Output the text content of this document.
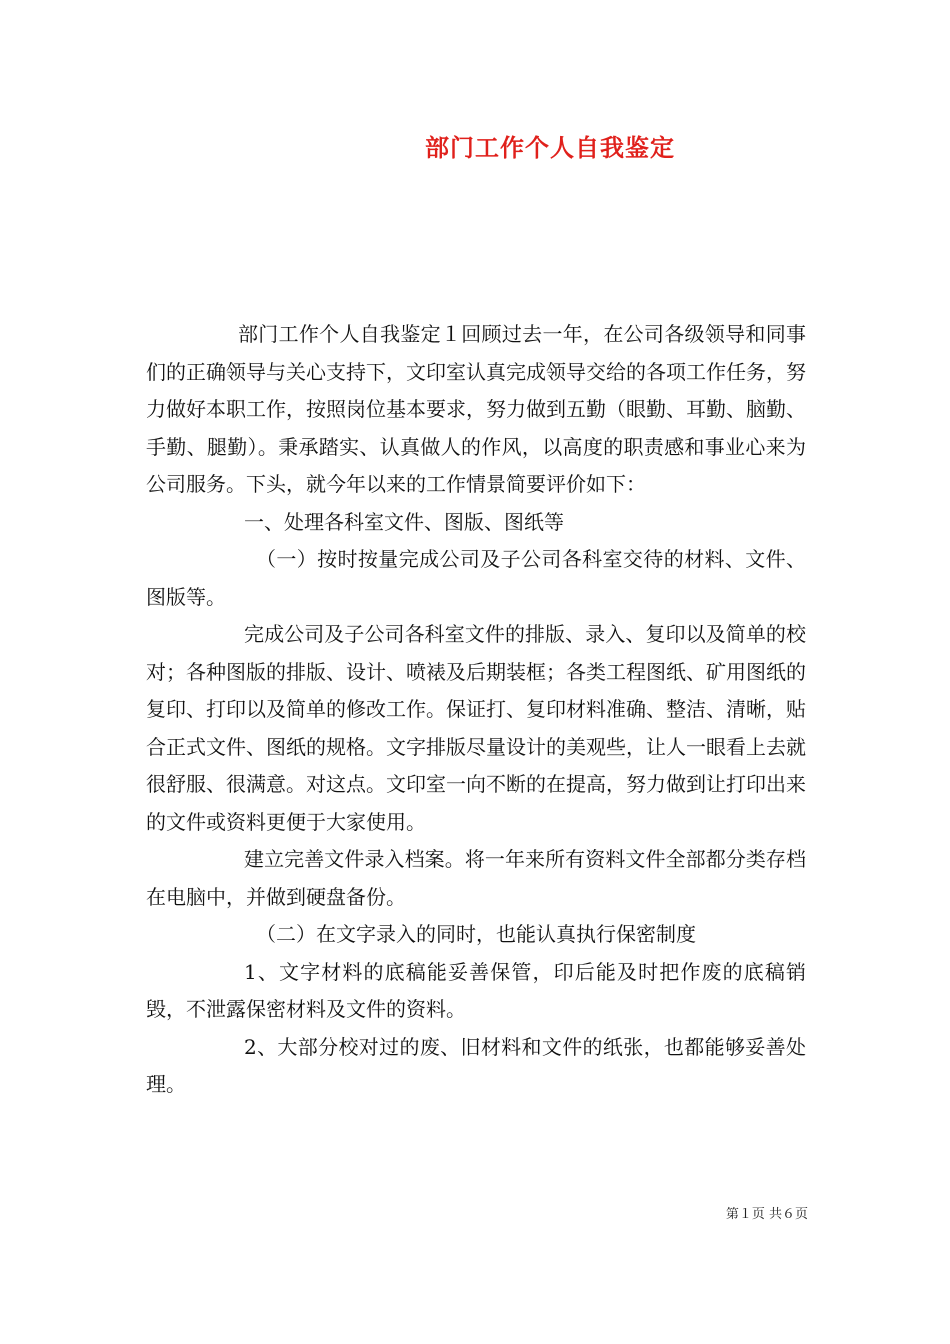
部门工作个人自我鉴定

部门工作个人自我鉴定１回顾过去一年，在公司各级领导和同事们的正确领导与关心支持下，文印室认真完成领导交给的各项工作任务，努力做好本职工作，按照岗位基本要求，努力做到五勤（眼勤、耳勤、脑勤、手勤、腿勤）。秉承踏实、认真做人的作风，以高度的职责感和事业心来为公司服务。下头，就今年以来的工作情景简要评价如下：

一、处理各科室文件、图版、图纸等

（一）按时按量完成公司及子公司各科室交待的材料、文件、图版等。

完成公司及子公司各科室文件的排版、录入、复印以及简单的校对；各种图版的排版、设计、喷裱及后期装框；各类工程图纸、矿用图纸的复印、打印以及简单的修改工作。保证打、复印材料准确、整洁、清晰，贴合正式文件、图纸的规格。文字排版尽量设计的美观些，让人一眼看上去就很舒服、很满意。对这点。文印室一向不断的在提高，努力做到让打印出来的文件或资料更便于大家使用。

建立完善文件录入档案。将一年来所有资料文件全部都分类存档在电脑中，并做到硬盘备份。

（二）在文字录入的同时，也能认真执行保密制度

1、文字材料的底稿能妥善保管，印后能及时把作废的底稿销毁，不泄露保密材料及文件的资料。

2、大部分校对过的废、旧材料和文件的纸张，也都能够妥善处理。

第１页 共６页
